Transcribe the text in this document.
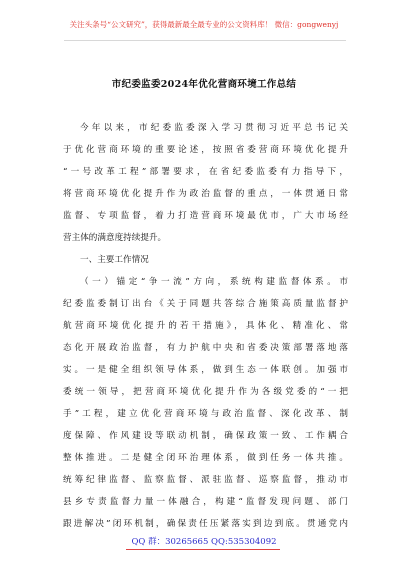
关注头条号“公文研究”，获得最新最全最专业的公文资料库！ 微信：gongwenyj
市纪委监委2024年优化营商环境工作总结
今年以来，市纪委监委深入学习贯彻习近平总书记关
于优化营商环境的重要论述，按照省委营商环境优化提升
“一号改革工程”部署要求，在省纪委监委有力指导下，
将营商环境优化提升作为政治监督的重点，一体贯通日常
监督、专项监督，着力打造营商环境最优市，广大市场经
营主体的满意度持续提升。
一、主要工作情况
（一）锚定“争一流”方向，系统构建监督体系。市
纪委监委制订出台《关于同题共答综合施策高质量监督护
航营商环境优化提升的若干措施》，具体化、精准化、常
态化开展政治监督，有力护航中央和省委决策部署落地落
实。一是健全组织领导体系，做到生态一体联创。加强市
委统一领导，把营商环境优化提升作为各级党委的“一把
手”工程，建立优化营商环境与政治监督、深化改革、制
度保障、作风建设等联动机制，确保政策一致、工作耦合
整体推进。二是健全闭环治理体系，做到任务一体共推。
统筹纪律监督、监察监督、派驻监督、巡察监督，推动市
县乡专责监督力量一体融合，构建“监督发现问题、部门
跟进解决”闭环机制，确保责任压紧落实到边到底。贯通党内
QQ 群：30265665 QQ:535304092
